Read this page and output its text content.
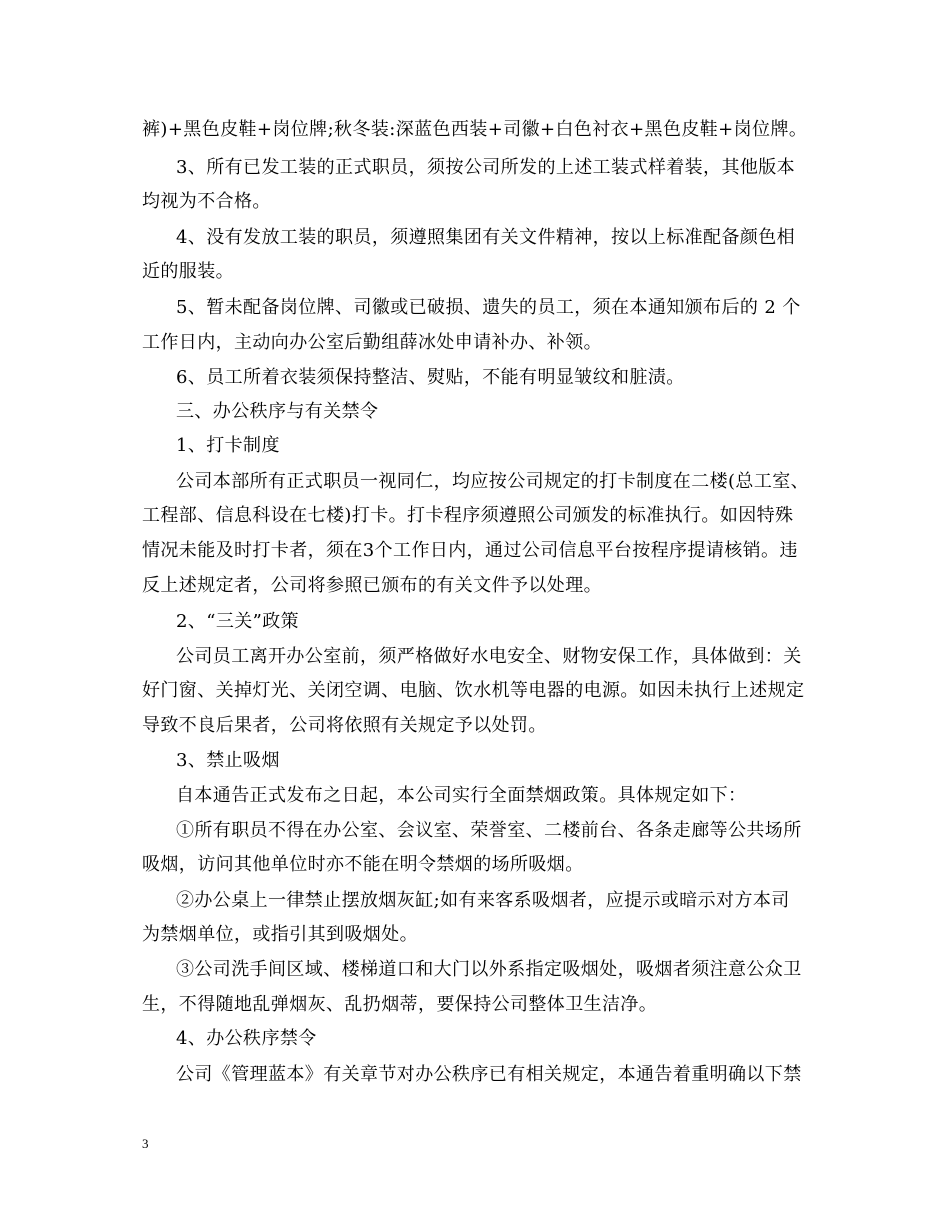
裤)+黑色皮鞋+岗位牌;秋冬装:深蓝色西装+司徽+白色衬衣+黑色皮鞋+岗位牌。
3、所有已发工装的正式职员，须按公司所发的上述工装式样着装，其他版本
均视为不合格。
4、没有发放工装的职员，须遵照集团有关文件精神，按以上标准配备颜色相
近的服装。
5、暂未配备岗位牌、司徽或已破损、遗失的员工，须在本通知颁布后的 2 个
工作日内，主动向办公室后勤组薛冰处申请补办、补领。
6、员工所着衣装须保持整洁、熨贴，不能有明显皱纹和脏渍。
三、办公秩序与有关禁令
1、打卡制度
公司本部所有正式职员一视同仁，均应按公司规定的打卡制度在二楼(总工室、
工程部、信息科设在七楼)打卡。打卡程序须遵照公司颁发的标准执行。如因特殊
情况未能及时打卡者，须在3个工作日内，通过公司信息平台按程序提请核销。违
反上述规定者，公司将参照已颁布的有关文件予以处理。
2、“三关”政策
公司员工离开办公室前，须严格做好水电安全、财物安保工作，具体做到：关
好门窗、关掉灯光、关闭空调、电脑、饮水机等电器的电源。如因未执行上述规定
导致不良后果者，公司将依照有关规定予以处罚。
3、禁止吸烟
自本通告正式发布之日起，本公司实行全面禁烟政策。具体规定如下：
①所有职员不得在办公室、会议室、荣誉室、二楼前台、各条走廊等公共场所
吸烟，访问其他单位时亦不能在明令禁烟的场所吸烟。
②办公桌上一律禁止摆放烟灰缸;如有来客系吸烟者，应提示或暗示对方本司
为禁烟单位，或指引其到吸烟处。
③公司洗手间区域、楼梯道口和大门以外系指定吸烟处，吸烟者须注意公众卫
生，不得随地乱弹烟灰、乱扔烟蒂，要保持公司整体卫生洁净。
4、办公秩序禁令
公司《管理蓝本》有关章节对办公秩序已有相关规定，本通告着重明确以下禁
3
